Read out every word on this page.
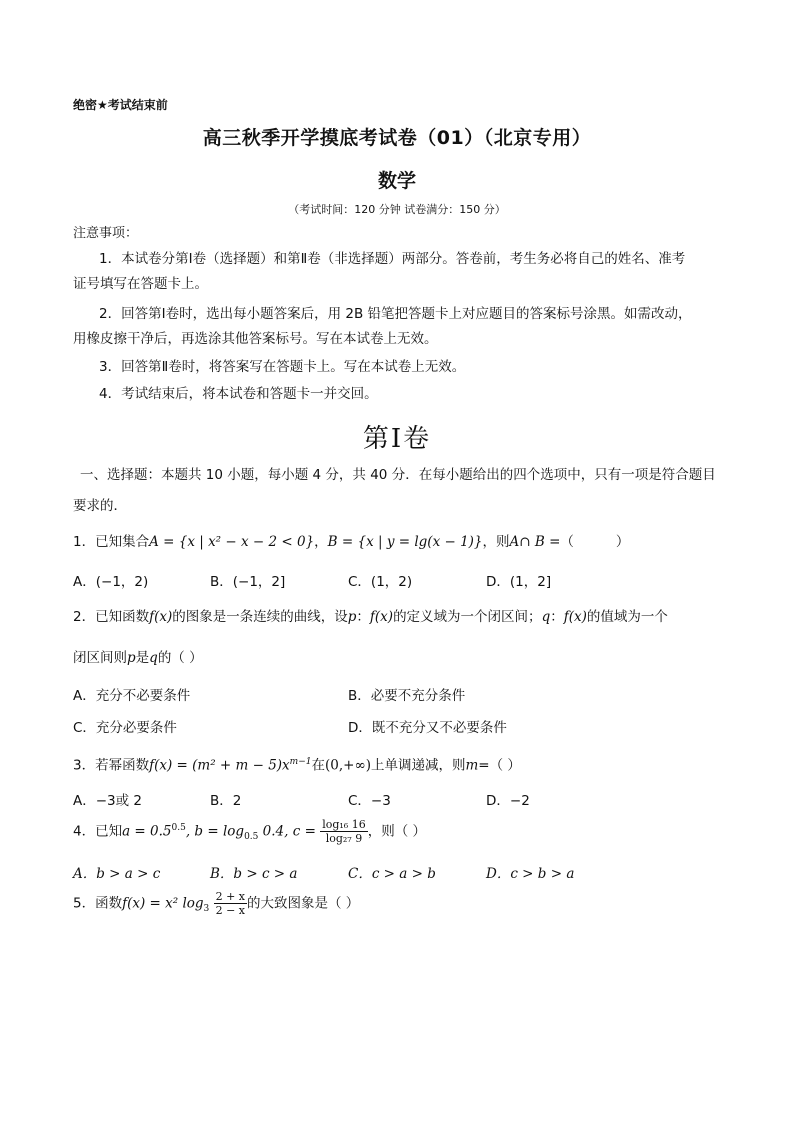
绝密★考试结束前
高三秋季开学摸底考试卷（01）（北京专用）
数学
（考试时间：120 分钟 试卷满分：150 分）
注意事项：
1．本试卷分第Ⅰ卷（选择题）和第Ⅱ卷（非选择题）两部分。答卷前，考生务必将自己的姓名、准考
证号填写在答题卡上。
2．回答第Ⅰ卷时，选出每小题答案后，用 2B 铅笔把答题卡上对应题目的答案标号涂黑。如需改动，
用橡皮擦干净后，再选涂其他答案标号。写在本试卷上无效。
3．回答第Ⅱ卷时，将答案写在答题卡上。写在本试卷上无效。
4．考试结束后，将本试卷和答题卡一并交回。
第Ⅰ卷
一、选择题：本题共 10 小题，每小题 4 分，共 40 分．在每小题给出的四个选项中，只有一项是符合题目
要求的．
1．已知集合A = {x | x² − x − 2 < 0}，B = {x | y = lg(x − 1)}，则A∩ B =（	）
A．(−1，2)	B．(−1，2]	C．(1，2)	D．(1，2]
2．已知函数f(x)的图象是一条连续的曲线，设p：f(x)的定义域为一个闭区间；q：f(x)的值域为一个
闭区间则p是q的（ ）
A．充分不必要条件	B．必要不充分条件
C．充分必要条件	D．既不充分又不必要条件
3．若幂函数$f(x) = (m^2 + m - 5)x^{m-1}$在(0,+∞)上单调递减，则m=（ ）
A．−3或 2	B．2	C．−3	D．−2
4．已知$a = 0.5^{0.5}$, $b = \log_{0.5} 0.4$, $c = \frac{\text{log₁₆ 16}}{\text{log₂₇ 9}}$ ，则（ ）
A．b > a > c	B．b > c > a	C．c > a > b	D．c > b > a
5．函数f(x) = x² $\log_3 \frac{2 + x}{2 - x}$ 的大致图象是（ ）
